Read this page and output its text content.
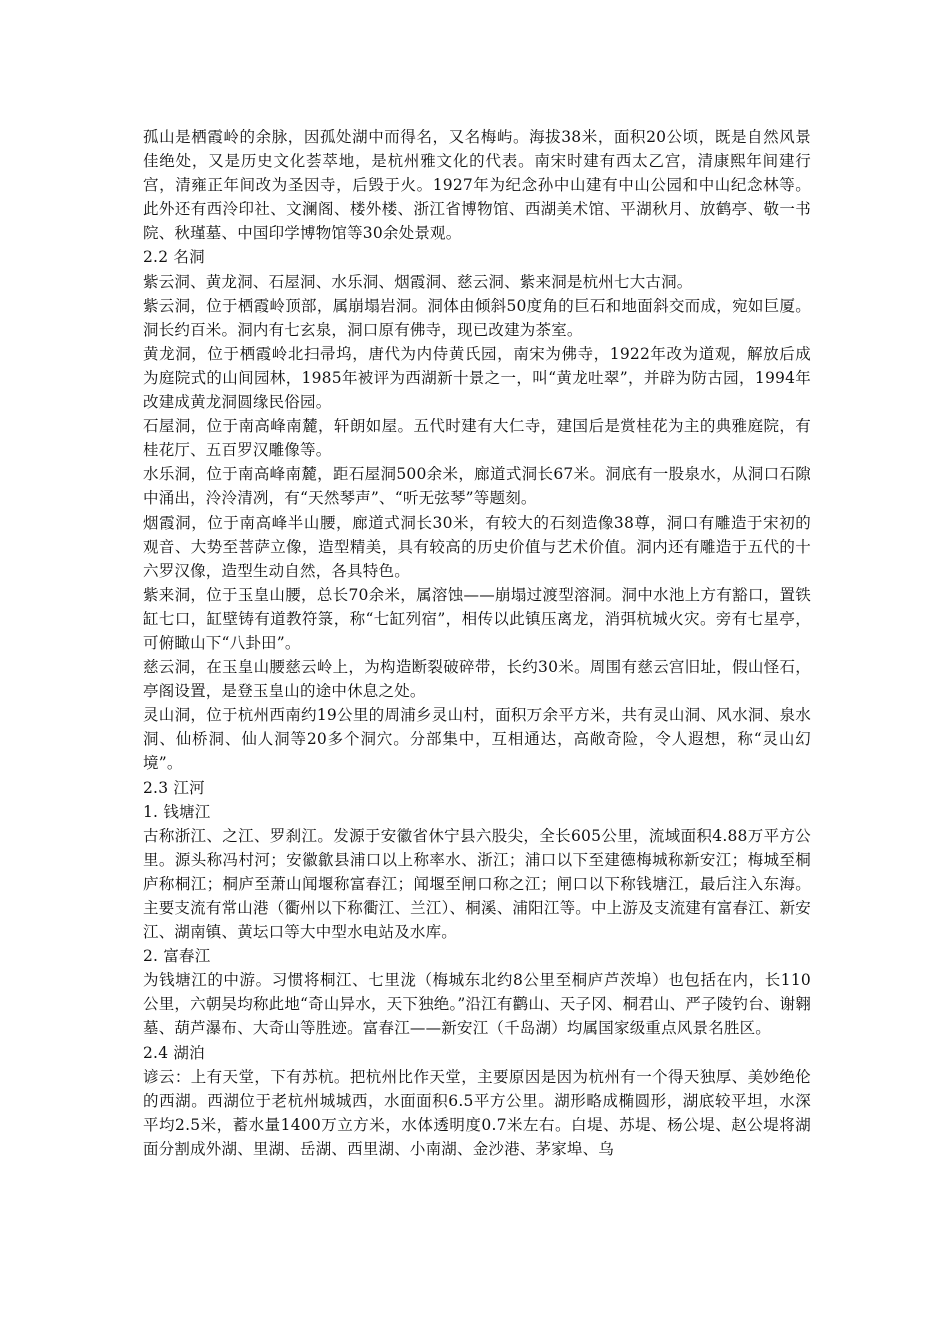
孤山是栖霞岭的余脉，因孤处湖中而得名，又名梅屿。海拔38米，面积20公顷，既是自然风景佳绝处，又是历史文化荟萃地，是杭州雅文化的代表。南宋时建有西太乙宫，清康熙年间建行宫，清雍正年间改为圣因寺，后毁于火。1927年为纪念孙中山建有中山公园和中山纪念林等。此外还有西泠印社、文澜阁、楼外楼、浙江省博物馆、西湖美术馆、平湖秋月、放鹤亭、敬一书院、秋瑾墓、中国印学博物馆等30余处景观。

2.2 名洞

紫云洞、黄龙洞、石屋洞、水乐洞、烟霞洞、慈云洞、紫来洞是杭州七大古洞。

紫云洞，位于栖霞岭顶部，属崩塌岩洞。洞体由倾斜50度角的巨石和地面斜交而成，宛如巨厦。洞长约百米。洞内有七玄泉，洞口原有佛寺，现已改建为茶室。

黄龙洞，位于栖霞岭北扫帚坞，唐代为内侍黄氏园，南宋为佛寺，1922年改为道观，解放后成为庭院式的山间园林，1985年被评为西湖新十景之一，叫“黄龙吐翠”，并辟为防古园，1994年改建成黄龙洞圆缘民俗园。

石屋洞，位于南高峰南麓，轩朗如屋。五代时建有大仁寺，建国后是赏桂花为主的典雅庭院，有桂花厅、五百罗汉雕像等。

水乐洞，位于南高峰南麓，距石屋洞500余米，廊道式洞长67米。洞底有一股泉水，从洞口石隙中涌出，泠泠清冽，有“天然琴声”、“听无弦琴”等题刻。

烟霞洞，位于南高峰半山腰，廊道式洞长30米，有较大的石刻造像38尊，洞口有雕造于宋初的观音、大势至菩萨立像，造型精美，具有较高的历史价值与艺术价值。洞内还有雕造于五代的十六罗汉像，造型生动自然，各具特色。

紫来洞，位于玉皇山腰，总长70余米，属溶蚀——崩塌过渡型溶洞。洞中水池上方有豁口，置铁缸七口，缸壁铸有道教符箓，称“七缸列宿”，相传以此镇压离龙，消弭杭城火灾。旁有七星亭，可俯瞰山下“八卦田”。

慈云洞，在玉皇山腰慈云岭上，为构造断裂破碎带，长约30米。周围有慈云宫旧址，假山怪石，亭阁设置，是登玉皇山的途中休息之处。

灵山洞，位于杭州西南约19公里的周浦乡灵山村，面积万余平方米，共有灵山洞、风水洞、泉水洞、仙桥洞、仙人洞等20多个洞穴。分部集中，互相通达，高敞奇险，令人遐想，称“灵山幻境”。

2.3 江河
1. 钱塘江

古称浙江、之江、罗刹江。发源于安徽省休宁县六股尖，全长605公里，流域面积4.88万平方公里。源头称冯村河；安徽歙县浦口以上称率水、浙江；浦口以下至建德梅城称新安江；梅城至桐庐称桐江；桐庐至萧山闻堰称富春江；闻堰至闸口称之江；闸口以下称钱塘江，最后注入东海。主要支流有常山港（衢州以下称衢江、兰江）、桐溪、浦阳江等。中上游及支流建有富春江、新安江、湖南镇、黄坛口等大中型水电站及水库。

2. 富春江

为钱塘江的中游。习惯将桐江、七里泷（梅城东北约8公里至桐庐芦茨埠）也包括在内，长110公里，六朝吴均称此地“奇山异水，天下独绝。”沿江有鹳山、天子冈、桐君山、严子陵钓台、谢翱墓、葫芦瀑布、大奇山等胜迹。富春江——新安江（千岛湖）均属国家级重点风景名胜区。

2.4 湖泊

谚云：上有天堂，下有苏杭。把杭州比作天堂，主要原因是因为杭州有一个得天独厚、美妙绝伦的西湖。西湖位于老杭州城城西，水面面积6.5平方公里。湖形略成椭圆形，湖底较平坦，水深平均2.5米，蓄水量1400万立方米，水体透明度0.7米左右。白堤、苏堤、杨公堤、赵公堤将湖面分割成外湖、里湖、岳湖、西里湖、小南湖、金沙港、茅家埠、乌
